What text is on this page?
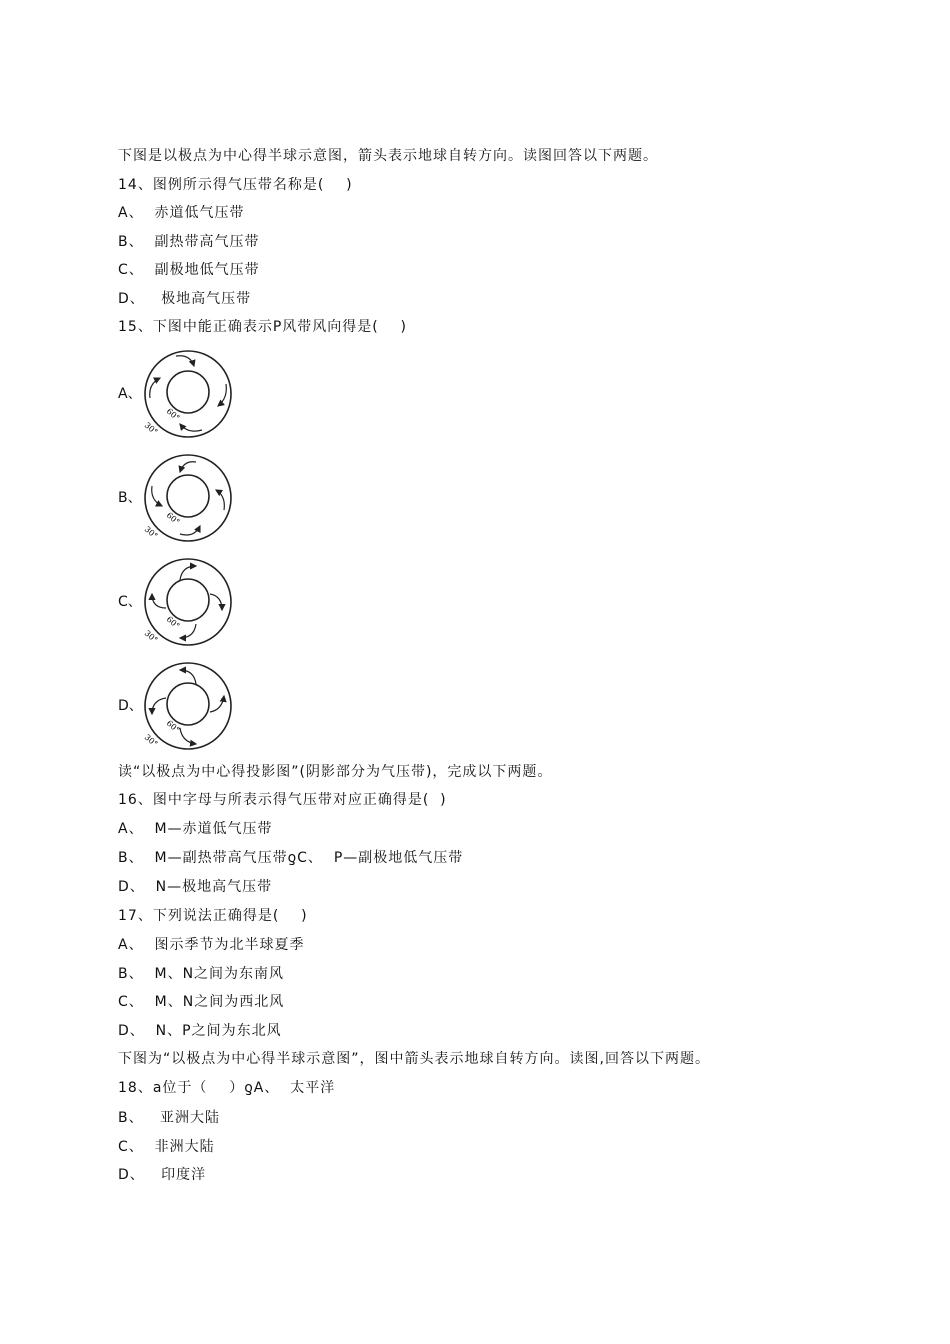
下图是以极点为中心得半球示意图，箭头表示地球自转方向。读图回答以下两题。
14、图例所示得气压带名称是(    )
A、  赤道低气压带
B、  副热带高气压带
C、  副极地低气压带
D、   极地高气压带
15、下图中能正确表示P风带风向得是(    )
A、
60°
30°
B、
60°
30°
C、
60°
30°
D、
60°
30°
读“以极点为中心得投影图”(阴影部分为气压带)，完成以下两题。
16、图中字母与所表示得气压带对应正确得是(  )
A、  M—赤道低气压带
B、  M—副热带高气压带ƍC、  P—副极地低气压带
D、  N—极地高气压带
17、下列说法正确得是(    )
A、  图示季节为北半球夏季
B、  M、N之间为东南风
C、  M、N之间为西北风
D、  N、P之间为东北风
下图为“以极点为中心得半球示意图”，图中箭头表示地球自转方向。读图,回答以下两题。
18、a位于（    ）ƍA、  太平洋
B、   亚洲大陆
C、  非洲大陆
D、   印度洋
